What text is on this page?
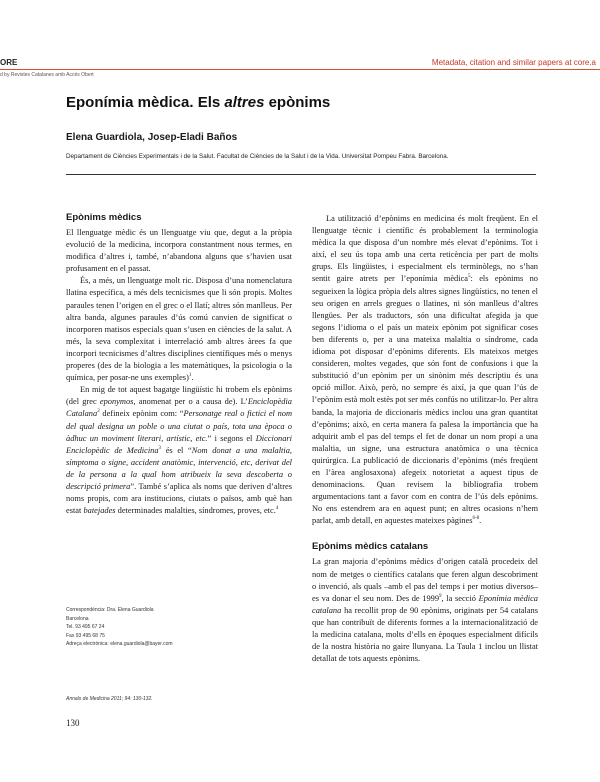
ORE	Metadata, citation and similar papers at core.a
d by Revistes Catalanes amb Accés Obert
Eponímia mèdica. Els altres epònims

Elena Guardiola, Josep-Eladi Baños

Departament de Ciències Experimentals i de la Salut. Facultat de Ciències de la Salut i de la Vida. Universitat Pompeu Fabra. Barcelona.

Epònims mèdics

El llenguatge mèdic és un llenguatge viu que, degut a la pròpia evolució de la medicina, incorpora constantment nous termes, en modifica d’altres i, també, n’abandona alguns que s’havien usat profusament en el passat.

És, a més, un llenguatge molt ric. Disposa d’una nomenclatura llatina específica, a més dels tecnicismes que li són propis. Moltes paraules tenen l’origen en el grec o el llatí; altres són manlleus. Per altra banda, algunes paraules d’ús comú canvien de significat o incorporen matisos especials quan s’usen en ciències de la salut. A més, la seva complexitat i interrelació amb altres àrees fa que incorpori tecnicismes d’altres disciplines científiques més o menys properes (des de la biologia a les matemàtiques, la psicologia o la química, per posar-ne uns exemples)$^1$.

En mig de tot aquest bagatge lingüístic hi trobem els epònims (del grec eponymos, anomenat per o a causa de). L’Enciclopèdia Catalana$^2$ defineix epònim com: “Personatge real o fictici el nom del qual designa un poble o una ciutat o país, tota una època o àdhuc un moviment literari, artístic, etc.” i segons el Diccionari Enciclopèdic de Medicina$^3$ és el “Nom donat a una malaltia, símptoma o signe, accident anatòmic, intervenció, etc, derivat del de la persona a la qual hom atribueix la seva descoberta o descripció primera”. També s’aplica als noms que deriven d’altres noms propis, com ara institucions, ciutats o països, amb què han estat batejades determinades malalties, síndromes, proves, etc.$^4$

La utilització d’epònims en medicina és molt freqüent. En el llenguatge tècnic i científic és probablement la terminologia mèdica la que disposa d’un nombre més elevat d’epònims. Tot i així, el seu ús topa amb una certa reticència per part de molts grups. Els lingüistes, i especialment els terminòlegs, no s’han sentit gaire atrets per l’eponímia mèdica$^5$: els epònims no segueixen la lògica pròpia dels altres signes lingüístics, no tenen el seu origen en arrels gregues o llatines, ni són manlleus d’altres llengües. Per als traductors, són una dificultat afegida ja que segons l’idioma o el país un mateix epònim pot significar coses ben diferents o, per a una mateixa malaltia o síndrome, cada idioma pot disposar d’epònims diferents. Els mateixos metges consideren, moltes vegades, que són font de confusions i que la substitució d’un epònim per un sinònim més descriptiu és una opció millor. Això, però, no sempre és així, ja que quan l’ús de l’epònim està molt estès pot ser més confús no utilitzar-lo. Per altra banda, la majoria de diccionaris mèdics inclou una gran quantitat d’epònims; això, en certa manera fa palesa la importància que ha adquirit amb el pas del temps el fet de donar un nom propi a una malaltia, un signe, una estructura anatòmica o una tècnica quirúrgica. La publicació de diccionaris d’epònims (més freqüent en l’àrea anglosaxona) afegeix notorietat a aquest tipus de denominacions. Quan revisem la bibliografia trobem argumentacions tant a favor com en contra de l’ús dels epònims. No ens estendrem ara en aquest punt; en altres ocasions n’hem parlat, amb detall, en aquestes mateixes pàgines$^{6-8}$.

Epònims mèdics catalans

La gran majoria d’epònims mèdics d’origen català procedeix del nom de metges o científics catalans que feren algun descobriment o invenció, als quals –amb el pas del temps i per motius diversos– es va donar el seu nom. Des de 1999$^9$, la secció Eponímia mèdica catalana ha recollit prop de 90 epònims, originats per 54 catalans que han contribuït de diferents formes a la internacionalització de la medicina catalana, molts d’ells en èpoques especialment difícils de la nostra història no gaire llunyana. La Taula 1 inclou un llistat detallat de tots aquests epònims.

Correspondència: Dra. Elena Guardiola
Barcelona
Tel. 93 495 67 24
Fax 93 495 68 75
Adreça electrònica: elena.guardiola@bayer.com
Annals de Medicina 2011; 94: 130-132.
130
